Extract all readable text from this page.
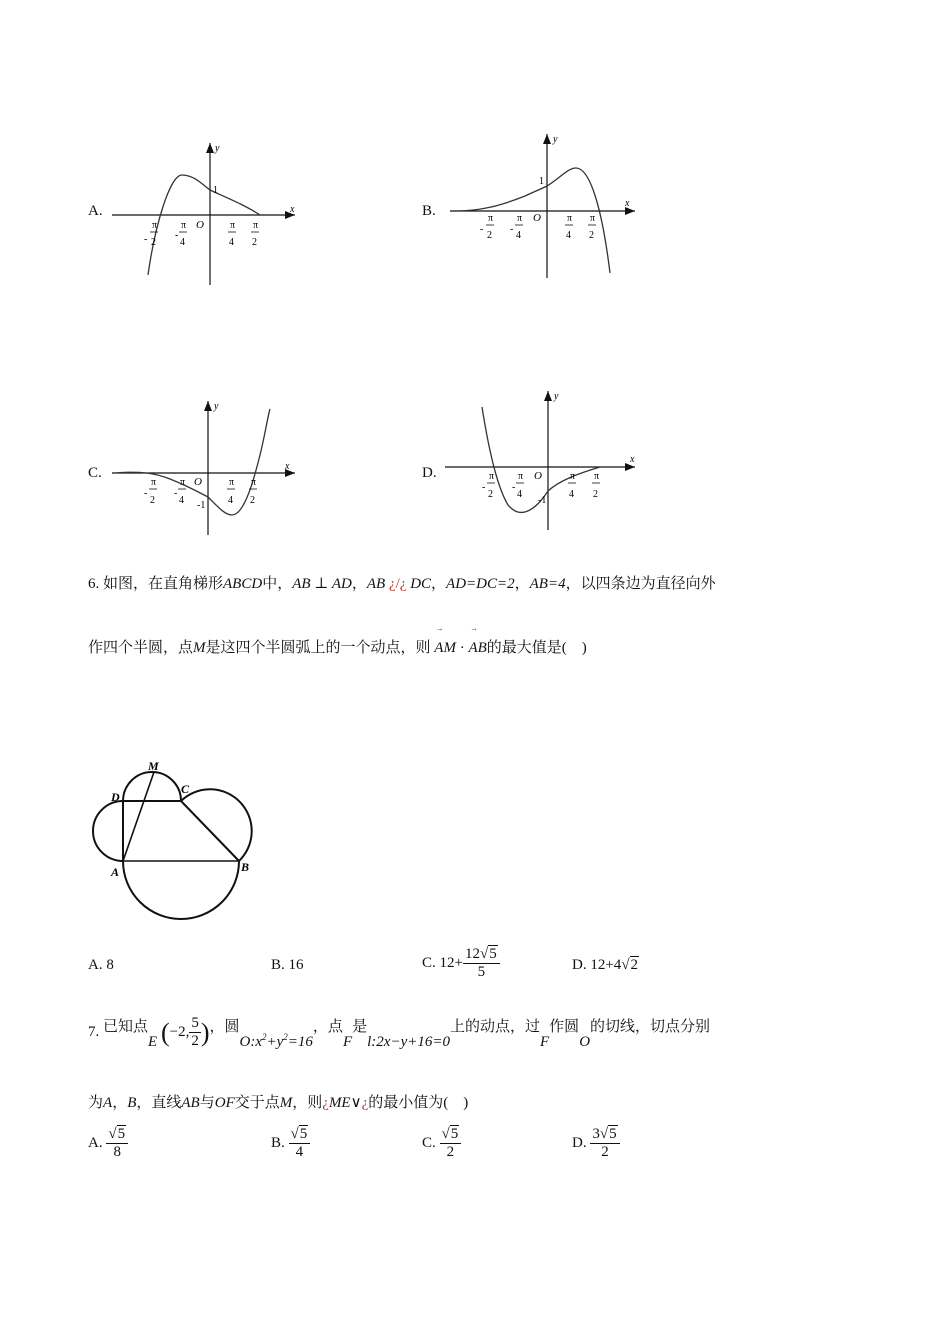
A.
y
x
O
1
π
- 2
π
-
4
π
4
π
2
B.
y
x
O
1
π
-
2
π
-
4
π
4
π
2
C.
y
x
O
-1
π
-
2
π
-
4
π
4
π
2
D.
y
x
O
-1
π
-
2
π
-
4
π
4
π
2
6. 如图，在直角梯形ABCD中，AB ⊥ AD，AB ¿/¿ DC，AD=DC=2，AB=4，以四条边为直径向外
作四个半圆，点M是这四个半圆弧上的一个动点，则 AM · AB的最大值是(　)
M
D
C
A	B
A. 8	B. 16	C. $12+ \frac{12√5}{5}$	D. 12+4√2
7. 已知点E (−2, $\frac{5}{2}$ )，圆$O:x^2+y^2=16$，点F是l:2x−y+16=0上的动点，过F作圆O的切线，切点分别
为A，B，直线AB与OF交于点M，则¿ME∨¿的最小值为(　)
A. $\frac{√5}{8}$	B. $\frac{√5}{4}$	C. $\frac{√5}{2}$	D. $\frac{3√5}{2}$
